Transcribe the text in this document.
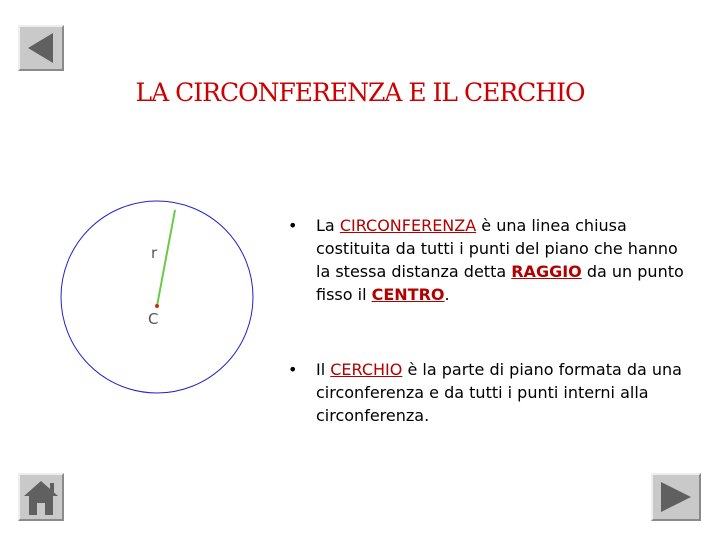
LA CIRCONFERENZA E IL CERCHIO
r
C
• La CIRCONFERENZA è una linea chiusa costituita da tutti i punti del piano che hanno la stessa distanza detta RAGGIO da un punto fisso il CENTRO.
• Il CERCHIO è la parte di piano formata da una circonferenza e da tutti i punti interni alla circonferenza.
